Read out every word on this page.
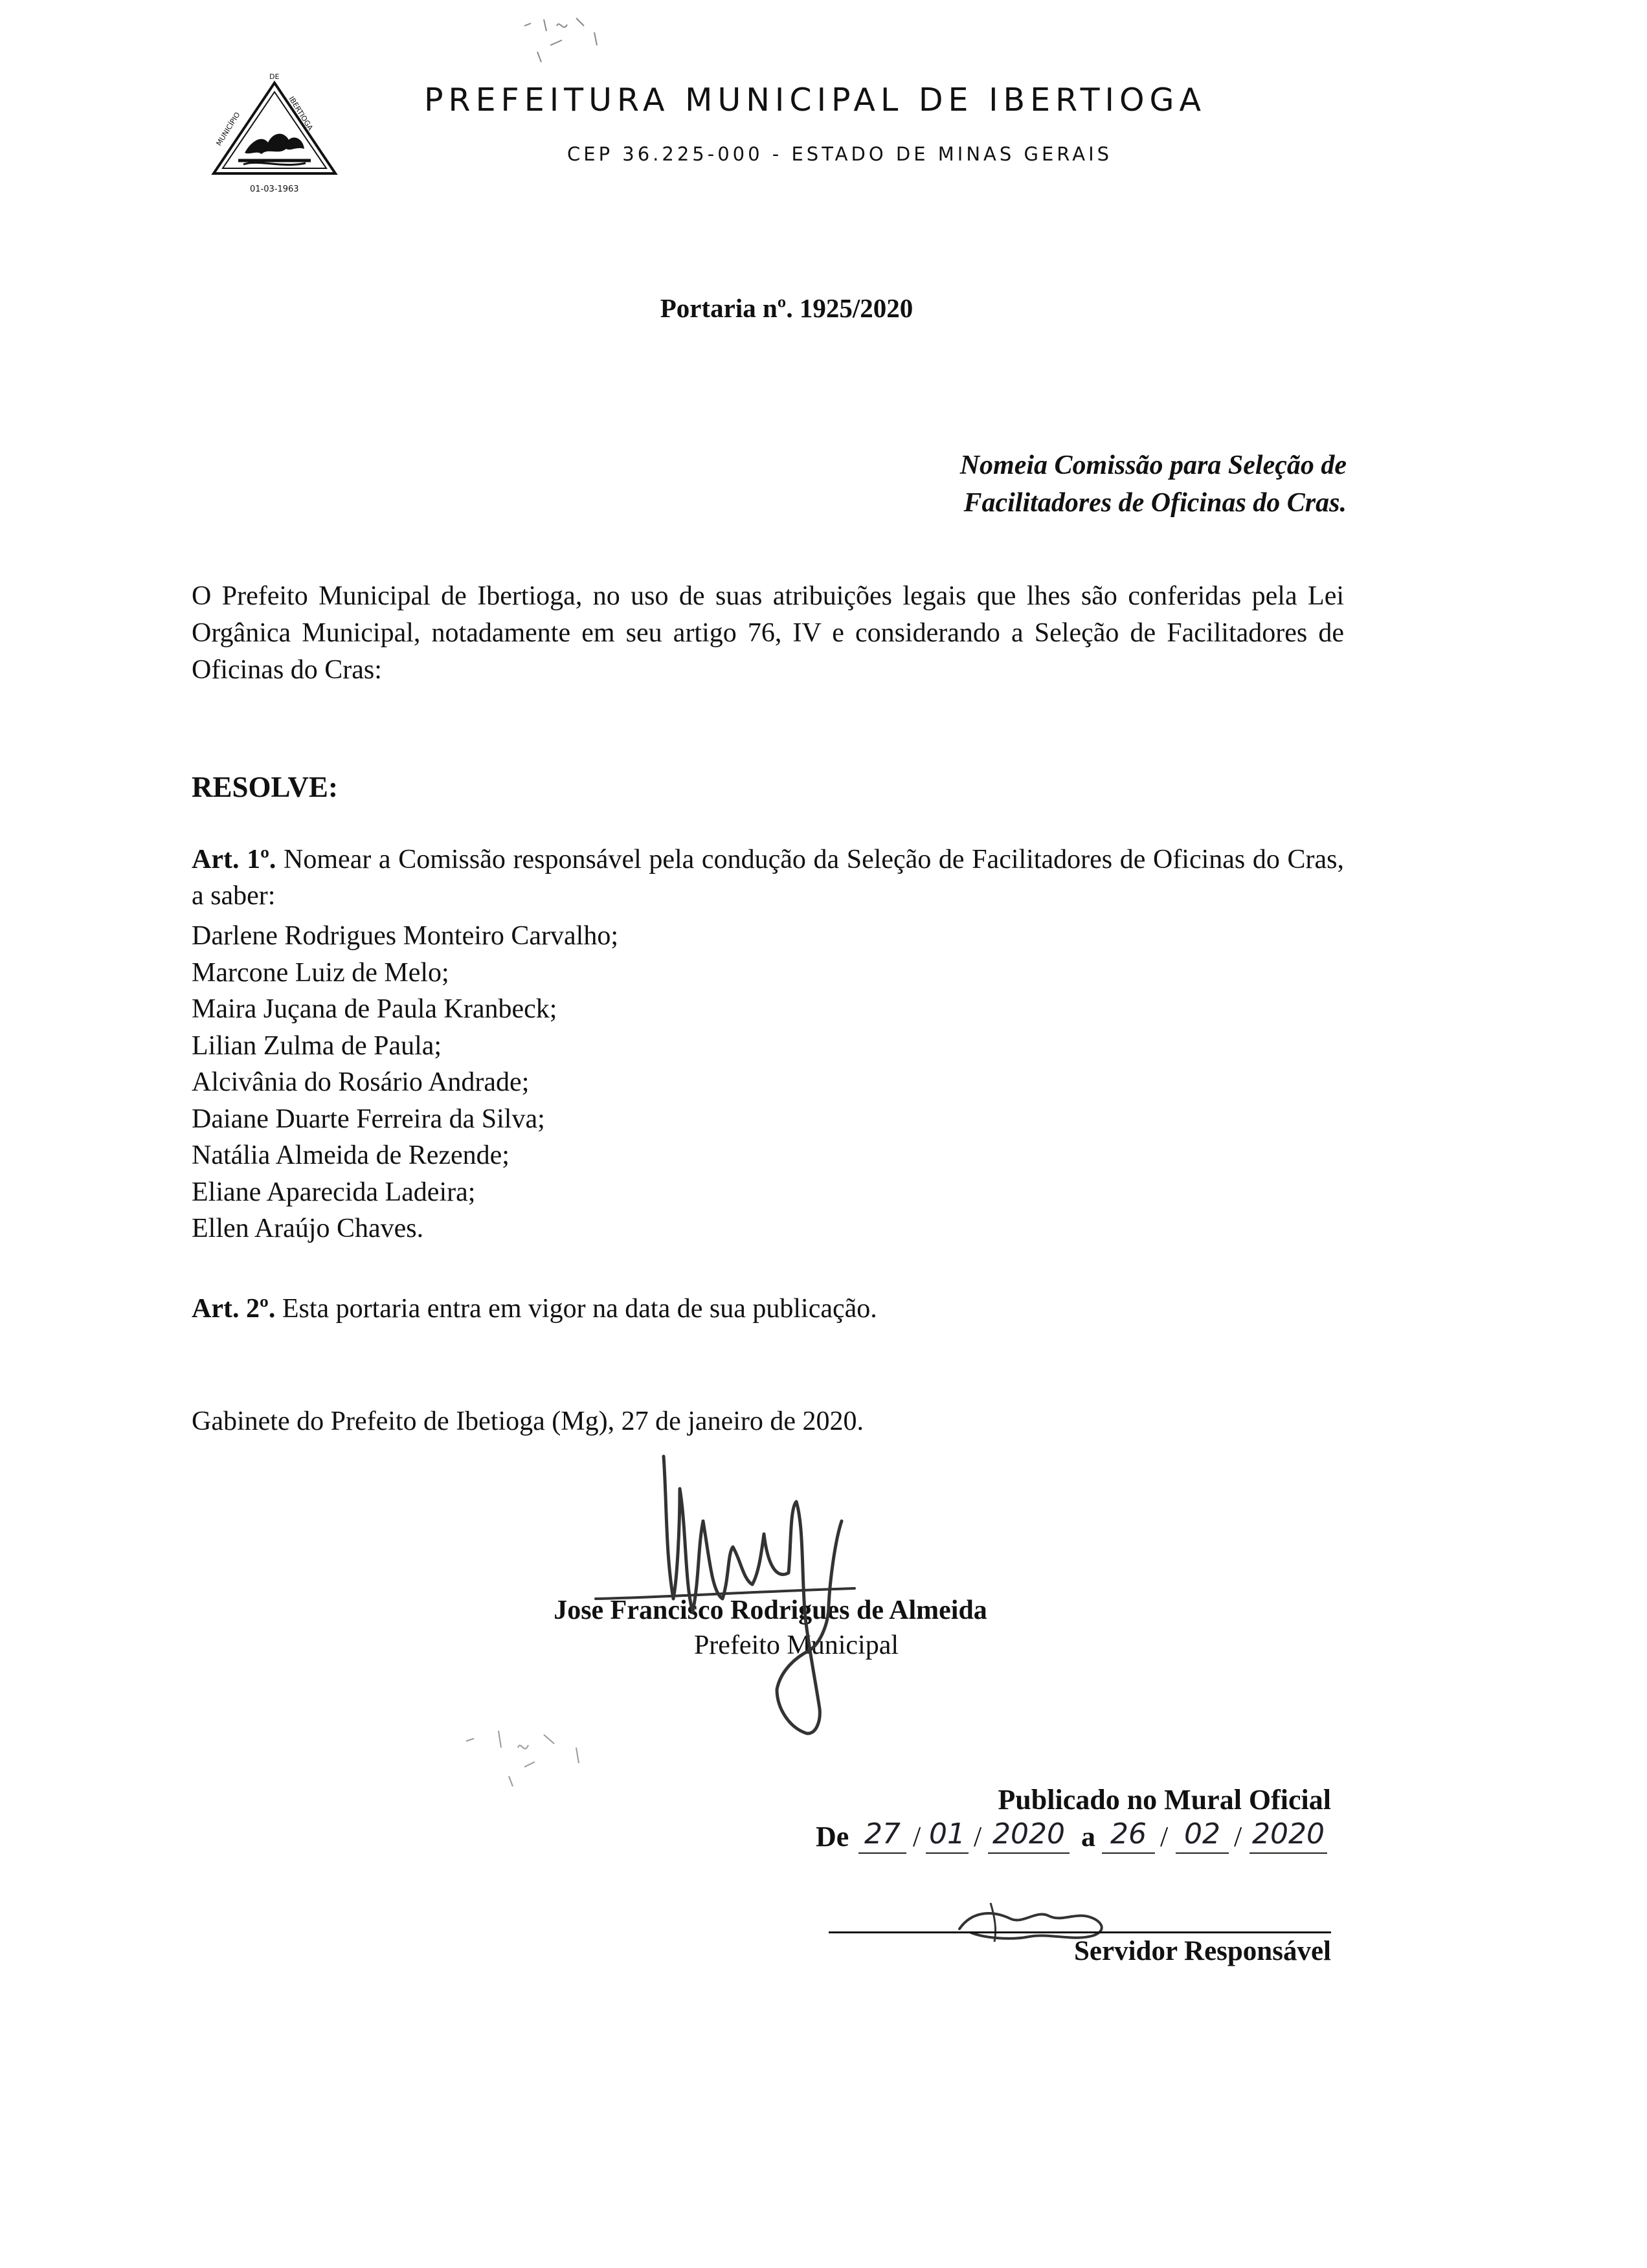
DE
MUNICÍPIO	IBERTIOGA
01-03-1963
PREFEITURA MUNICIPAL DE IBERTIOGA
CEP 36.225-000 - ESTADO DE MINAS GERAIS
Portaria nº. 1925/2020
Nomeia Comissão para Seleção de
Facilitadores de Oficinas do Cras.
O Prefeito Municipal de Ibertioga, no uso de suas atribuições legais que lhes são conferidas pela Lei Orgânica Municipal, notadamente em seu artigo 76, IV e considerando a Seleção de Facilitadores de Oficinas do Cras:
RESOLVE:
Art. 1º. Nomear a Comissão responsável pela condução da Seleção de Facilitadores de Oficinas do Cras, a saber:
Darlene Rodrigues Monteiro Carvalho;
Marcone Luiz de Melo;
Maira Juçana de Paula Kranbeck;
Lilian Zulma de Paula;
Alcivânia do Rosário Andrade;
Daiane Duarte Ferreira da Silva;
Natália Almeida de Rezende;
Eliane Aparecida Ladeira;
Ellen Araújo Chaves.
Art. 2º. Esta portaria entra em vigor na data de sua publicação.
Gabinete do Prefeito de Ibetioga (Mg), 27 de janeiro de 2020.
Jose Francisco Rodrigues de Almeida
Prefeito Municipal
Publicado no Mural Oficial
De 27 / 01 / 2020 a 26 / 02 / 2020
Servidor Responsável
